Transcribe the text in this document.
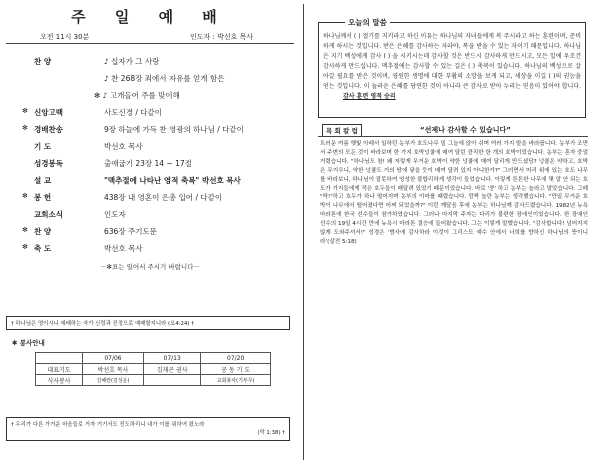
주 일 예 배
오전 11시 30분	인도자 : 박선호 목사
찬 양	♪ 십자가 그 사랑
♪ 찬 268장 죄에서 자유를 얻게 함은
✻ ♪ 고개들어 주를 맞이해
✻ 신앙고백	사도신경 / 다같이
✻ 경배찬송	9장 하늘에 가득 찬 영광의 하나님 / 다같이
기 도	박선호 목사
성경봉독	출애굽기 23장 14 ~ 17절
설 교	"맥추절에 나타난 영적 축복" 박선호 목사
✻ 봉 헌	438장 내 영혼이 은총 입어 / 다같이
교회소식	인도자
✻ 찬 양	636장 주기도문
✻ 축 도	박선호 목사
－✻표는 일어서 주시기 바랍니다－
† 하나님은 영이시니 예배하는 자가 신령과 진정으로 예배할지니라 (요4:24) †
✱ 봉사안내
	07/06	07/13	07/20
대표기도	박선호 목사	김재곤 권사	공 동 기 도
식사봉사	김혜란(김성운)		교회봉사(기부무)
† 우리가 다른 가거운 마음들로 거자 거기서도 전도하리니 내가 이를 위하여 왔노라
(막 1:38) †
오늘의 말씀
하나님께서 ( ) 절기를 지키라고 하신 이유는 하나님의 자녀들에게 복 주시라고 하는 훈련이며, 준비하게 하시는 것입니다. 받은 은혜를 감사하는 자라야, 복을 받을 수 있는 자이기 때문입니다. 하나님은 지기 백성에게 감사 ( ) 을 시키시는데 감사할 것은 반드시 감사하게 만드시고, 모든 일에 우조건 감사하게 만드십니다. 맥추절에는 감사할 수 있는 길은 ( ) 축복이 있습니다. 하나님의 백성으로 살아갈 필요를 받은 것이며, 영원한 생명에 대한 부활의 소망을 보게 되고, 세상을 이길 ( )의 권능을 얻는 것입니다. 이 놀라운 은혜를 당연한 것이 아니라 큰 감사로 받아 누리는 믿음이 있어야 합니다. 감사 훈련 영적 승리
목 회 칼 럼	“선제나 감사할 수 있습니다”
트러운 여름 햇빛 아래서 일하던 농부가 호도나무 밑 그늘에 앉아 쉬며 여러 가지 밭을 바라봅니다. 농부가 조면서 주변의 모든 것이 바라보며 한 가지 호박넝쿨에 매여 달린 큼직한 한 개의 호박이었습니다. 농부는 혼자 중얼거렸습니다. "하나님도 참! 왜 저렇게 무거운 호박이 약한 넝쿨에 매여 달리게 만드셨담? 넝쿨은 약하고, 호박은 무거우니, 약한 넝쿨도 거의 땅에 닿을 듯이 매여 달려 있지 아니한가?" 그러면서 머리 위에 있는 호도 나무를 바라보니, 하나님이 잘못하여 엉성한 불합리하게 생각이 들었습니다. 이렇게 튼튼한 나무에 몇 알 안 되는 호도가 가지들에게 작은 호두들이 매달려 있었기 때문이었습니다. 바로 '쿵' 하고 농부는 놀라고 말았습니다. 그때 "딱!"하고 호두가 하나 떨어지며 농부의 이마를 때렸습니다. 깜짝 놀란 농부는 생각했습니다. "만일 무거운 호박이 나무에서 떨어졌다면 어찌 되었을까?" 이런 깨달음 후에 농부는 하나님께 감사드렸습니다. 1982년 뉴욕 마라톤에 한국 선수들이 참가하였습니다. 그러나 마지막 주자는 다리가 불편한 장애인이었습니다. 한 장애인 선수의 19일 4시간 만에 뉴욕시 마라톤 결승에 들어왔습니다. 그는 이렇게 말했습니다. "감사합니다! 넘어지지 않게 도와주셔서!" 성경은 ‘범사에 감사하라 이것이 그리스도 예수 안에서 너희를 향하신 하나님의 뜻이니라’(살전 5:18)
